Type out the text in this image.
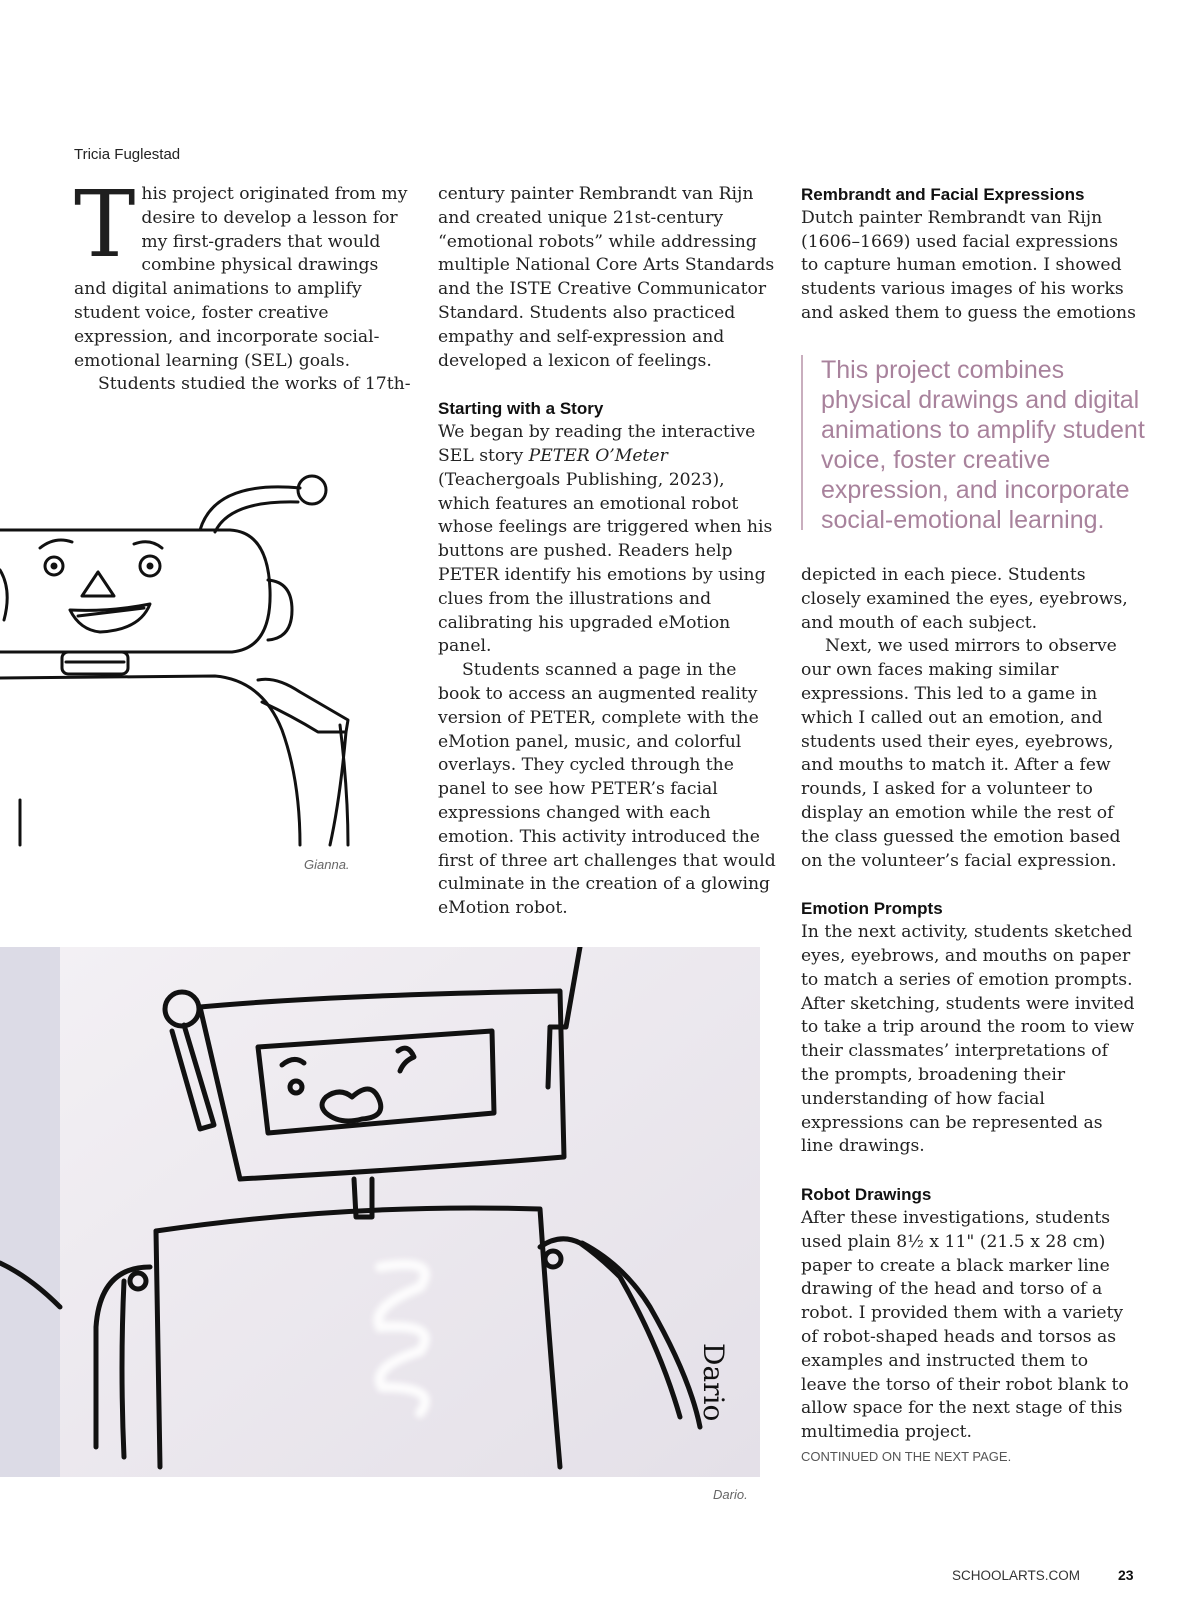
Tricia Fuglestad

This project originated from my desire to develop a lesson for my first-graders that would combine physical drawings and digital animations to amplify student voice, foster creative expression, and incorporate social-emotional learning (SEL) goals.

Students studied the works of 17th-

century painter Rembrandt van Rijn and created unique 21st-century “emotional robots” while addressing multiple National Core Arts Standards and the ISTE Creative Communicator Standard. Students also practiced empathy and self-expression and developed a lexicon of feelings.

Starting with a Story

We began by reading the interactive SEL story PETER O’Meter (Teachergoals Publishing, 2023), which features an emotional robot whose feelings are triggered when his buttons are pushed. Readers help PETER identify his emotions by using clues from the illustrations and calibrating his upgraded eMotion panel.

Students scanned a page in the book to access an augmented reality version of PETER, complete with the eMotion panel, music, and colorful overlays. They cycled through the panel to see how PETER’s facial expressions changed with each emotion. This activity introduced the first of three art challenges that would culminate in the creation of a glowing eMotion robot.

Rembrandt and Facial Expressions

Dutch painter Rembrandt van Rijn (1606–1669) used facial expressions to capture human emotion. I showed students various images of his works and asked them to guess the emotions

This project combines physical drawings and digital animations to amplify student voice, foster creative expression, and incorporate social-emotional learning.

depicted in each piece. Students closely examined the eyes, eyebrows, and mouth of each subject.

Next, we used mirrors to observe our own faces making similar expressions. This led to a game in which I called out an emotion, and students used their eyes, eyebrows, and mouths to match it. After a few rounds, I asked for a volunteer to display an emotion while the rest of the class guessed the emotion based on the volunteer’s facial expression.

Emotion Prompts

In the next activity, students sketched eyes, eyebrows, and mouths on paper to match a series of emotion prompts. After sketching, students were invited to take a trip around the room to view their classmates’ interpretations of the prompts, broadening their understanding of how facial expressions can be represented as line drawings.

Robot Drawings

After these investigations, students used plain 8½ x 11" (21.5 x 28 cm) paper to create a black marker line drawing of the head and torso of a robot. I provided them with a variety of robot-shaped heads and torsos as examples and instructed them to leave the torso of their robot blank to allow space for the next stage of this multimedia project.

Gianna.
Dario
Dario.
CONTINUED ON THE NEXT PAGE.
SCHOOLARTS.COM	23
